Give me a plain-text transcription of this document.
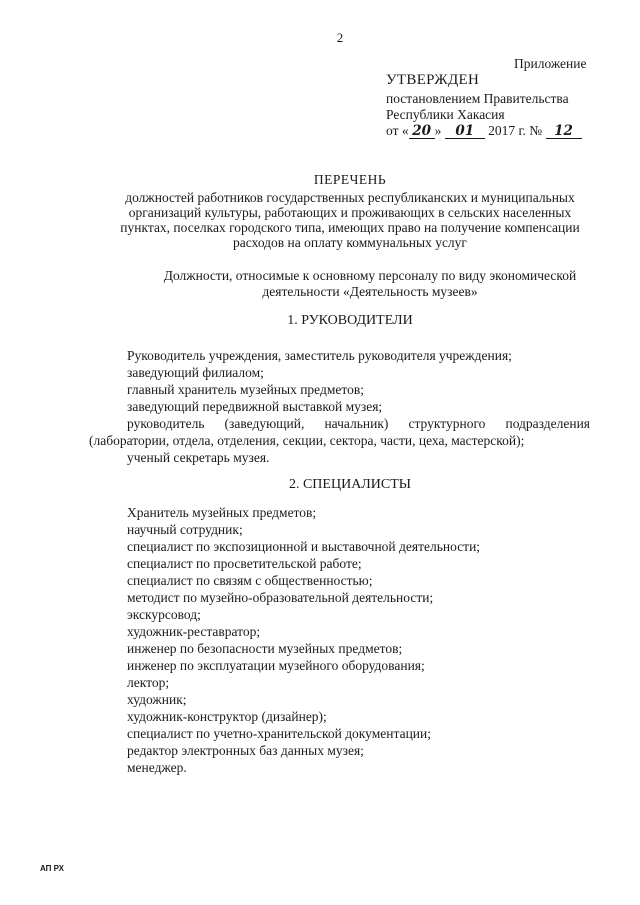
2
Приложение
УТВЕРЖДЕН
постановлением Правительства
Республики Хакасия
от « 20 » 01 2017 г. № 12
ПЕРЕЧЕНЬ
должностей работников государственных республиканских и муниципальных
организаций культуры, работающих и проживающих в сельских населенных
пунктах, поселках городского типа, имеющих право на получение компенсации
расходов на оплату коммунальных услуг
Должности, относимые к основному персоналу по виду экономической
деятельности «Деятельность музеев»
1. РУКОВОДИТЕЛИ
Руководитель учреждения, заместитель руководителя учреждения;
заведующий филиалом;
главный хранитель музейных предметов;
заведующий передвижной выставкой музея;
руководитель (заведующий, начальник) структурного подразделения
(лаборатории, отдела, отделения, секции, сектора, части, цеха, мастерской);
ученый секретарь музея.
2. СПЕЦИАЛИСТЫ
Хранитель музейных предметов;
научный сотрудник;
специалист по экспозиционной и выставочной деятельности;
специалист по просветительской работе;
специалист по связям с общественностью;
методист по музейно-образовательной деятельности;
экскурсовод;
художник-реставратор;
инженер по безопасности музейных предметов;
инженер по эксплуатации музейного оборудования;
лектор;
художник;
художник-конструктор (дизайнер);
специалист по учетно-хранительской документации;
редактор электронных баз данных музея;
менеджер.
АП РХ
